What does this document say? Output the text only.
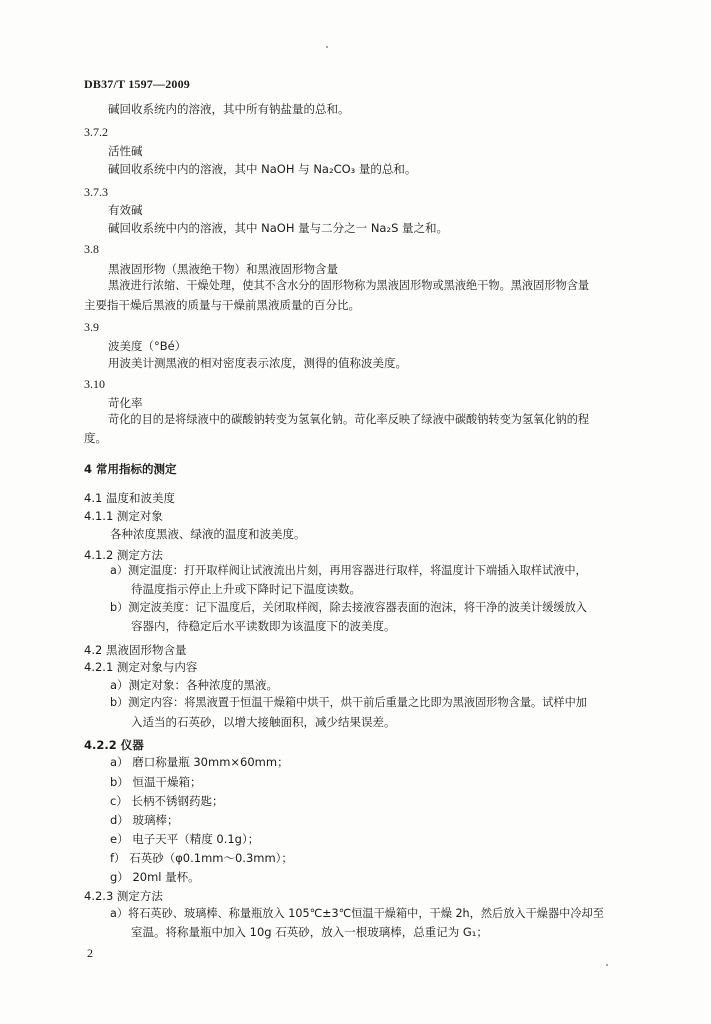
DB37/T 1597—2009
碱回收系统内的溶液，其中所有钠盐量的总和。
3.7.2
活性碱
碱回收系统中内的溶液，其中 NaOH 与 Na₂CO₃ 量的总和。
3.7.3
有效碱
碱回收系统中内的溶液，其中 NaOH 量与二分之一 Na₂S 量之和。
3.8
黑液固形物（黑液绝干物）和黑液固形物含量
黑液进行浓缩、干燥处理，使其不含水分的固形物称为黑液固形物或黑液绝干物。黑液固形物含量
主要指干燥后黑液的质量与干燥前黑液质量的百分比。
3.9
波美度（°Bé）
用波美计测黑液的相对密度表示浓度，测得的值称波美度。
3.10
苛化率
苛化的目的是将绿液中的碳酸钠转变为氢氧化钠。苛化率反映了绿液中碳酸钠转变为氢氧化钠的程
度。
4 常用指标的测定
4.1 温度和波美度
4.1.1 测定对象
各种浓度黑液、绿液的温度和波美度。
4.1.2 测定方法
a）测定温度：打开取样阀让试液流出片刻，再用容器进行取样，将温度计下端插入取样试液中，
待温度指示停止上升或下降时记下温度读数。
b）测定波美度：记下温度后，关闭取样阀，除去接液容器表面的泡沫，将干净的波美计缓缓放入
容器内，待稳定后水平读数即为该温度下的波美度。
4.2 黑液固形物含量
4.2.1 测定对象与内容
a）测定对象：各种浓度的黑液。
b）测定内容：将黑液置于恒温干燥箱中烘干，烘干前后重量之比即为黑液固形物含量。试样中加
入适当的石英砂，以增大接触面积，减少结果误差。
4.2.2 仪器
a） 磨口称量瓶 30mm×60mm；
b） 恒温干燥箱；
c） 长柄不锈钢药匙；
d） 玻璃棒；
e） 电子天平（精度 0.1g）；
f） 石英砂（φ0.1mm～0.3mm）；
g） 20ml 量杯。
4.2.3 测定方法
a）将石英砂、玻璃棒、称量瓶放入 105℃±3℃恒温干燥箱中，干燥 2h，然后放入干燥器中冷却至
室温。将称量瓶中加入 10g 石英砂，放入一根玻璃棒，总重记为 G₁；
2
